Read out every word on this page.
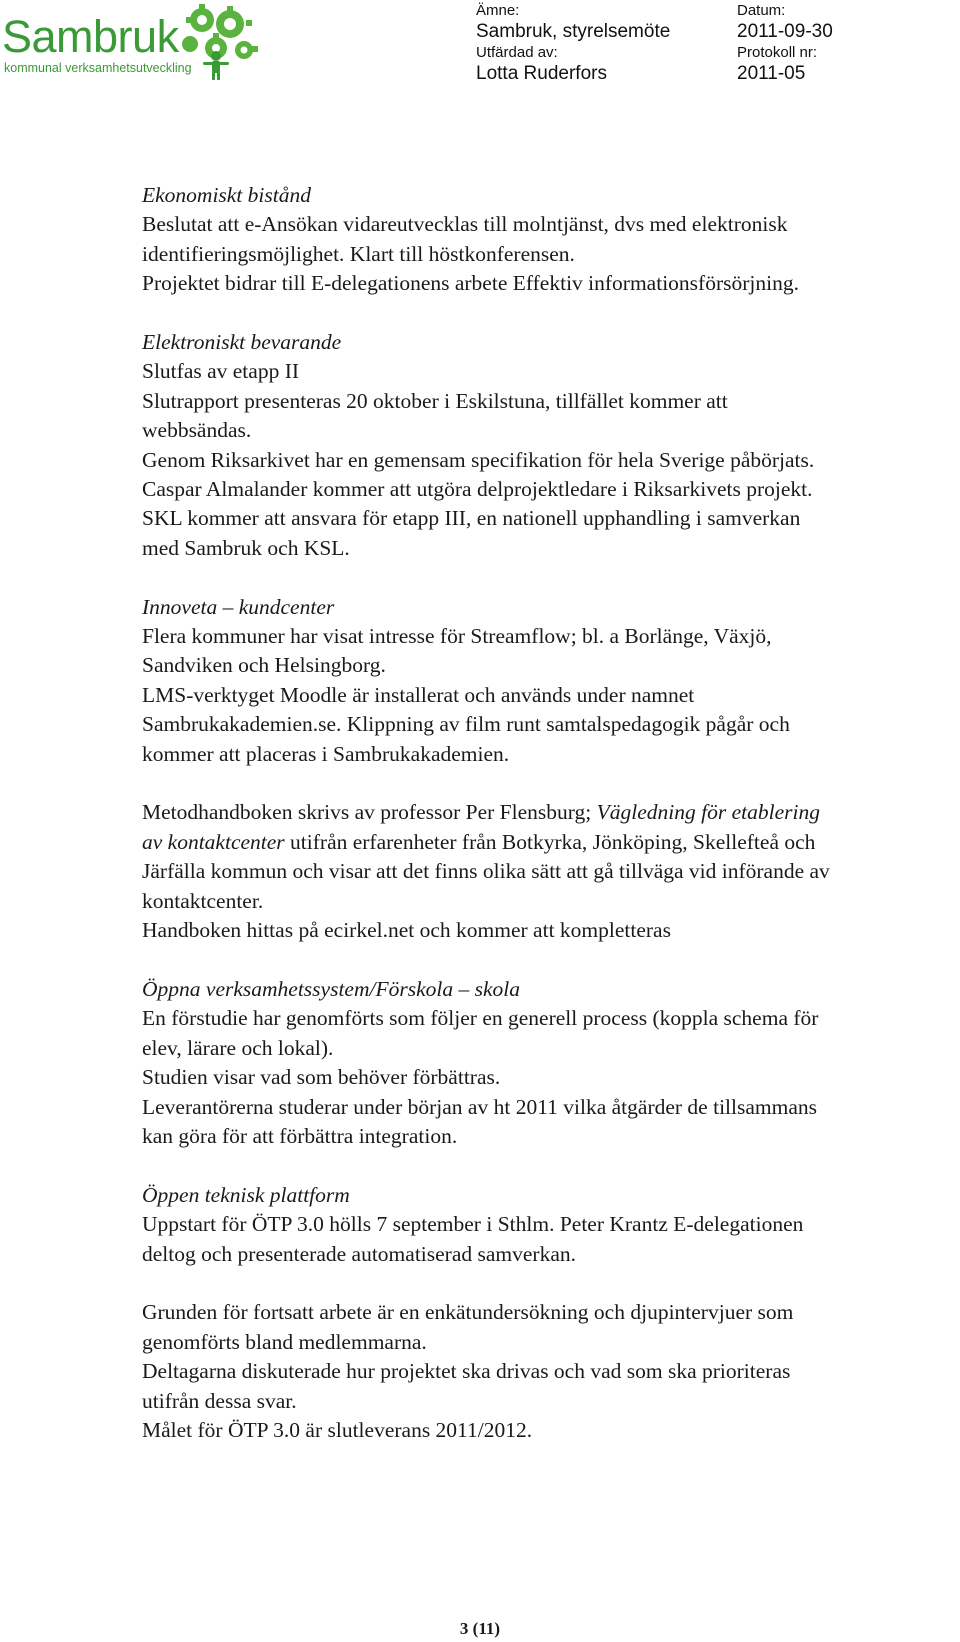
Sambruk
kommunal verksamhetsutveckling
Ämne:
Sambruk, styrelsemöte
Utfärdad av:
Lotta Ruderfors
Datum:
2011-09-30
Protokoll nr:
2011-05

Ekonomiskt bistånd

Beslutat att e-Ansökan vidareutvecklas till molntjänst, dvs med elektronisk

identifieringsmöjlighet. Klart till höstkonferensen.

Projektet bidrar till E-delegationens arbete Effektiv informationsförsörjning.

Elektroniskt bevarande

Slutfas av etapp II

Slutrapport presenteras 20 oktober i Eskilstuna, tillfället kommer att

webbsändas.

Genom Riksarkivet har en gemensam specifikation för hela Sverige påbörjats.

Caspar Almalander kommer att utgöra delprojektledare i Riksarkivets projekt.

SKL kommer att ansvara för etapp III, en nationell upphandling i samverkan

med Sambruk och KSL.

Innoveta – kundcenter

Flera kommuner har visat intresse för Streamflow; bl. a Borlänge, Växjö,

Sandviken och Helsingborg.

LMS-verktyget Moodle är installerat och används under namnet

Sambrukakademien.se. Klippning av film runt samtalspedagogik pågår och

kommer att placeras i Sambrukakademien.

Metodhandboken skrivs av professor Per Flensburg; Vägledning för etablering

av kontaktcenter utifrån erfarenheter från Botkyrka, Jönköping, Skellefteå och

Järfälla kommun och visar att det finns olika sätt att gå tillväga vid införande av

kontaktcenter.

Handboken hittas på ecirkel.net och kommer att kompletteras

Öppna verksamhetssystem/Förskola – skola

En förstudie har genomförts som följer en generell process (koppla schema för

elev, lärare och lokal).

Studien visar vad som behöver förbättras.

Leverantörerna studerar under början av ht 2011 vilka åtgärder de tillsammans

kan göra för att förbättra integration.

Öppen teknisk plattform

Uppstart för ÖTP 3.0 hölls 7 september i Sthlm. Peter Krantz E-delegationen

deltog och presenterade automatiserad samverkan.

Grunden för fortsatt arbete är en enkätundersökning och djupintervjuer som

genomförts bland medlemmarna.

Deltagarna diskuterade hur projektet ska drivas och vad som ska prioriteras

utifrån dessa svar.

Målet för ÖTP 3.0 är slutleverans 2011/2012.

3 (11)
